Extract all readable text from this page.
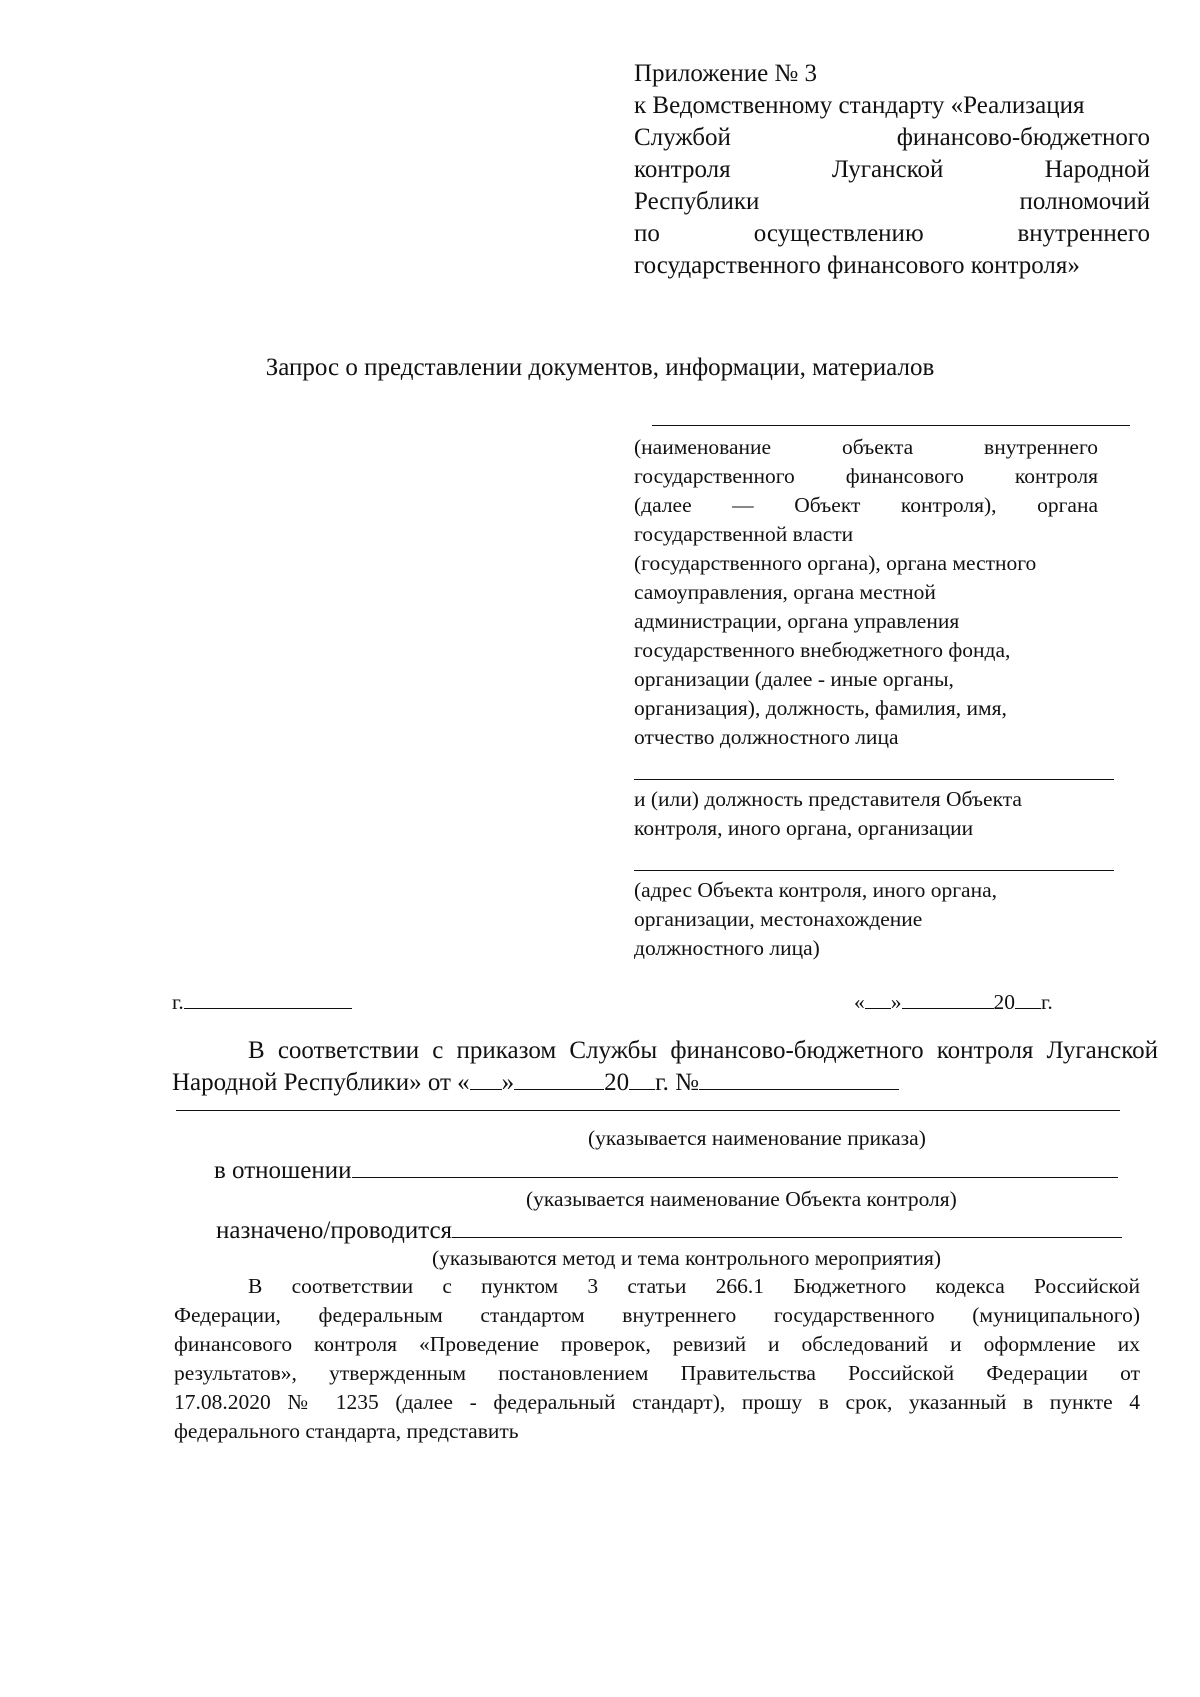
Приложение № 3
к Ведомственному стандарту «Реализация
Службой финансово-бюджетного
контроля Луганской Народной
Республики полномочий
по осуществлению внутреннего
государственного финансового контроля»
Запрос о представлении документов, информации, материалов
(наименование объекта внутреннего
государственного финансового контроля
(далее — Объект контроля), органа
государственной власти
(государственного органа), органа местного
самоуправления, органа местной
администрации, органа управления
государственного внебюджетного фонда,
организации (далее - иные органы,
организация), должность, фамилия, имя,
отчество должностного лица
и (или) должность представителя Объекта
контроля, иного органа, организации
(адрес Объекта контроля, иного органа,
организации, местонахождение
должностного лица)
г.	« »	20 г.
В соответствии с приказом Службы финансово-бюджетного контроля Луганской
Народной Республики» от « »	20 г. №
(указывается наименование приказа)
в отношении
(указывается наименование Объекта контроля)
назначено/проводится
(указываются метод и тема контрольного мероприятия)
В соответствии с пунктом 3 статьи 266.1 Бюджетного кодекса Российской
Федерации, федеральным стандартом внутреннего государственного (муниципального)
финансового контроля «Проведение проверок, ревизий и обследований и оформление их
результатов», утвержденным постановлением Правительства Российской Федерации от
17.08.2020 № 1235 (далее - федеральный стандарт), прошу в срок, указанный в пункте 4
федерального стандарта, представить
